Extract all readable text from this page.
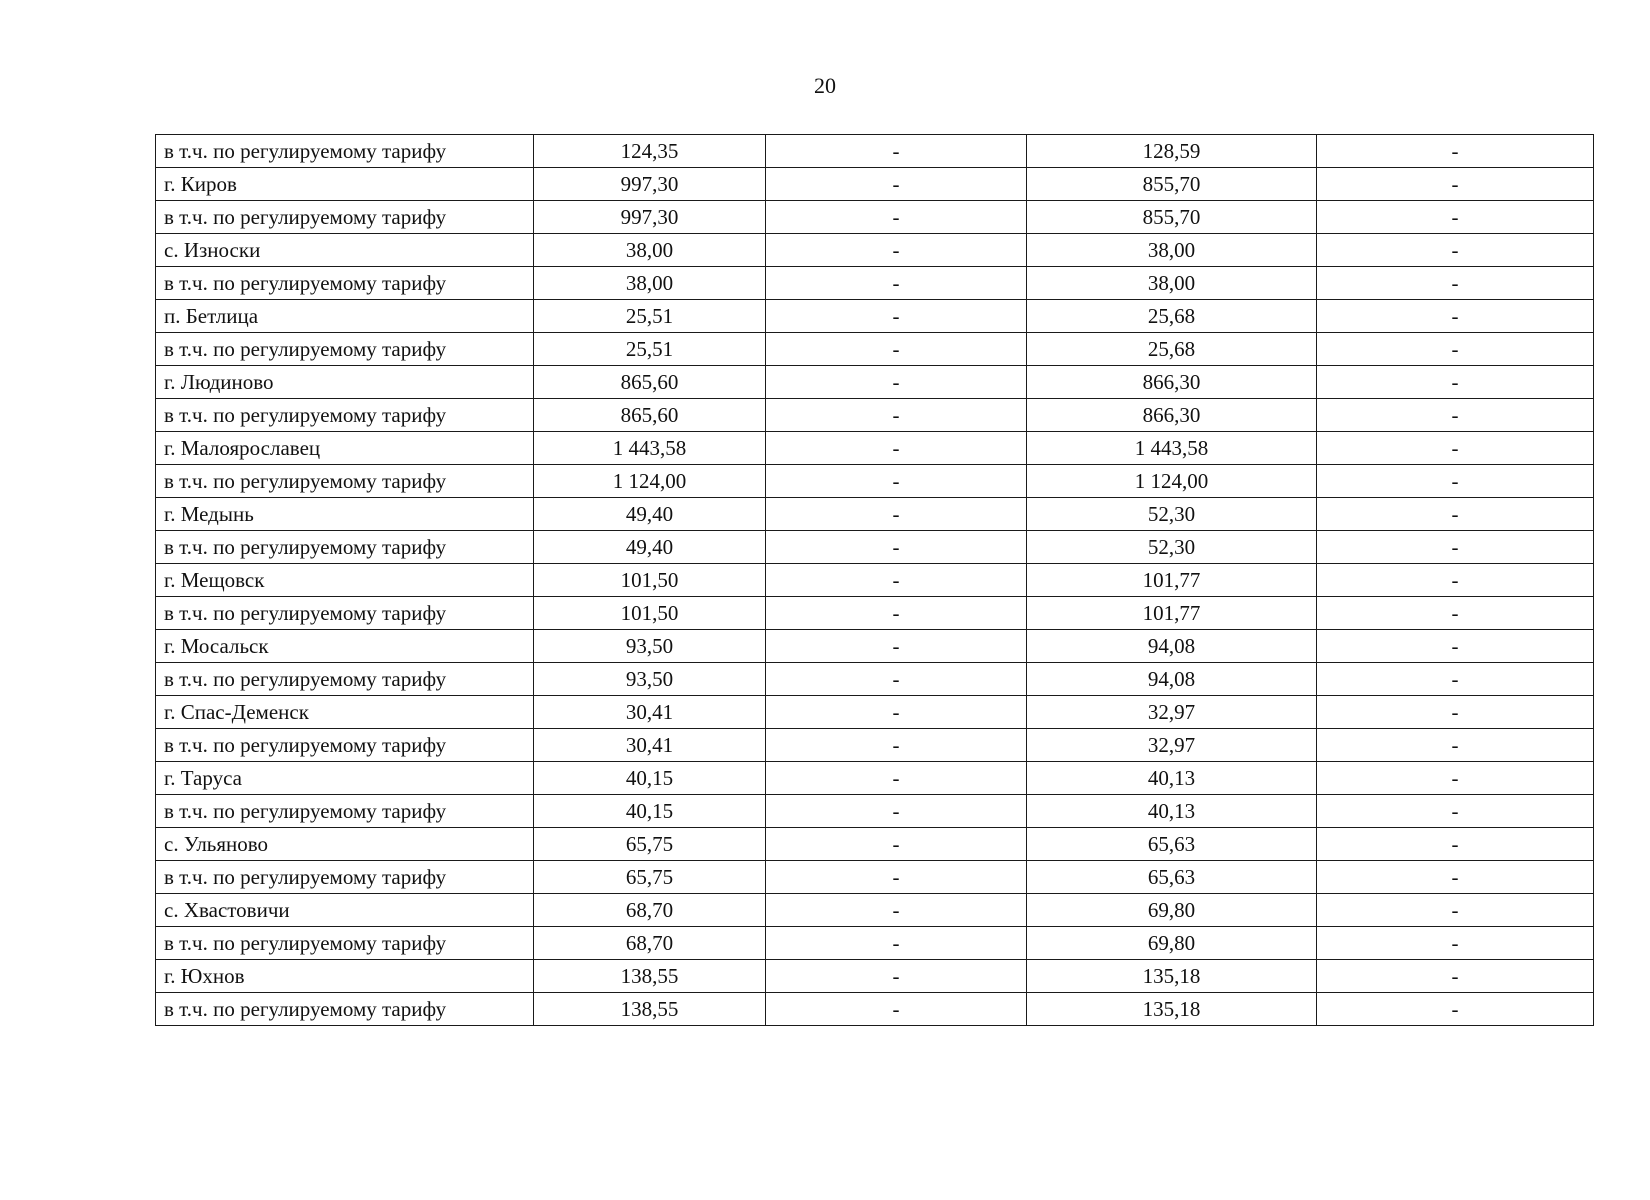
20
в т.ч. по регулируемому тарифу	124,35	-	128,59	-
г. Киров	997,30	-	855,70	-
в т.ч. по регулируемому тарифу	997,30	-	855,70	-
с. Износки	38,00	-	38,00	-
в т.ч. по регулируемому тарифу	38,00	-	38,00	-
п. Бетлица	25,51	-	25,68	-
в т.ч. по регулируемому тарифу	25,51	-	25,68	-
г. Людиново	865,60	-	866,30	-
в т.ч. по регулируемому тарифу	865,60	-	866,30	-
г. Малоярославец	1 443,58	-	1 443,58	-
в т.ч. по регулируемому тарифу	1 124,00	-	1 124,00	-
г. Медынь	49,40	-	52,30	-
в т.ч. по регулируемому тарифу	49,40	-	52,30	-
г. Мещовск	101,50	-	101,77	-
в т.ч. по регулируемому тарифу	101,50	-	101,77	-
г. Мосальск	93,50	-	94,08	-
в т.ч. по регулируемому тарифу	93,50	-	94,08	-
г. Спас-Деменск	30,41	-	32,97	-
в т.ч. по регулируемому тарифу	30,41	-	32,97	-
г. Таруса	40,15	-	40,13	-
в т.ч. по регулируемому тарифу	40,15	-	40,13	-
с. Ульяново	65,75	-	65,63	-
в т.ч. по регулируемому тарифу	65,75	-	65,63	-
с. Хвастовичи	68,70	-	69,80	-
в т.ч. по регулируемому тарифу	68,70	-	69,80	-
г. Юхнов	138,55	-	135,18	-
в т.ч. по регулируемому тарифу	138,55	-	135,18	-
